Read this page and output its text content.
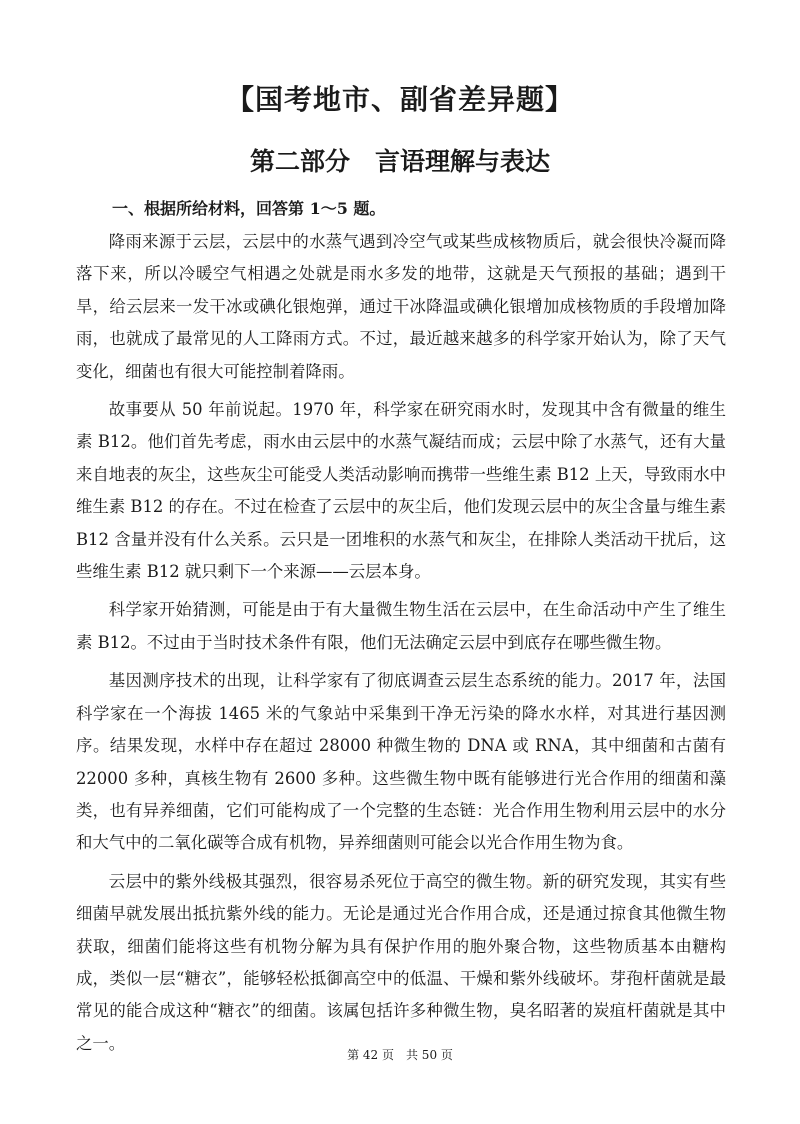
【国考地市、副省差异题】
第二部分　言语理解与表达
一、根据所给材料，回答第 1～5 题。

降雨来源于云层，云层中的水蒸气遇到冷空气或某些成核物质后，就会很快冷凝而降落下来，所以冷暖空气相遇之处就是雨水多发的地带，这就是天气预报的基础；遇到干旱，给云层来一发干冰或碘化银炮弹，通过干冰降温或碘化银增加成核物质的手段增加降雨，也就成了最常见的人工降雨方式。不过，最近越来越多的科学家开始认为，除了天气变化，细菌也有很大可能控制着降雨。

故事要从 50 年前说起。1970 年，科学家在研究雨水时，发现其中含有微量的维生素 B12。他们首先考虑，雨水由云层中的水蒸气凝结而成；云层中除了水蒸气，还有大量来自地表的灰尘，这些灰尘可能受人类活动影响而携带一些维生素 B12 上天，导致雨水中维生素 B12 的存在。不过在检查了云层中的灰尘后，他们发现云层中的灰尘含量与维生素 B12 含量并没有什么关系。云只是一团堆积的水蒸气和灰尘，在排除人类活动干扰后，这些维生素 B12 就只剩下一个来源——云层本身。

科学家开始猜测，可能是由于有大量微生物生活在云层中，在生命活动中产生了维生素 B12。不过由于当时技术条件有限，他们无法确定云层中到底存在哪些微生物。

基因测序技术的出现，让科学家有了彻底调查云层生态系统的能力。2017 年，法国科学家在一个海拔 1465 米的气象站中采集到干净无污染的降水水样，对其进行基因测序。结果发现，水样中存在超过 28000 种微生物的 DNA 或 RNA，其中细菌和古菌有 22000 多种，真核生物有 2600 多种。这些微生物中既有能够进行光合作用的细菌和藻类，也有异养细菌，它们可能构成了一个完整的生态链：光合作用生物利用云层中的水分和大气中的二氧化碳等合成有机物，异养细菌则可能会以光合作用生物为食。

云层中的紫外线极其强烈，很容易杀死位于高空的微生物。新的研究发现，其实有些细菌早就发展出抵抗紫外线的能力。无论是通过光合作用合成，还是通过掠食其他微生物获取，细菌们能将这些有机物分解为具有保护作用的胞外聚合物，这些物质基本由糖构成，类似一层“糖衣”，能够轻松抵御高空中的低温、干燥和紫外线破坏。芽孢杆菌就是最常见的能合成这种“糖衣”的细菌。该属包括许多种微生物，臭名昭著的炭疽杆菌就是其中之一。

第 42 页　共 50 页
